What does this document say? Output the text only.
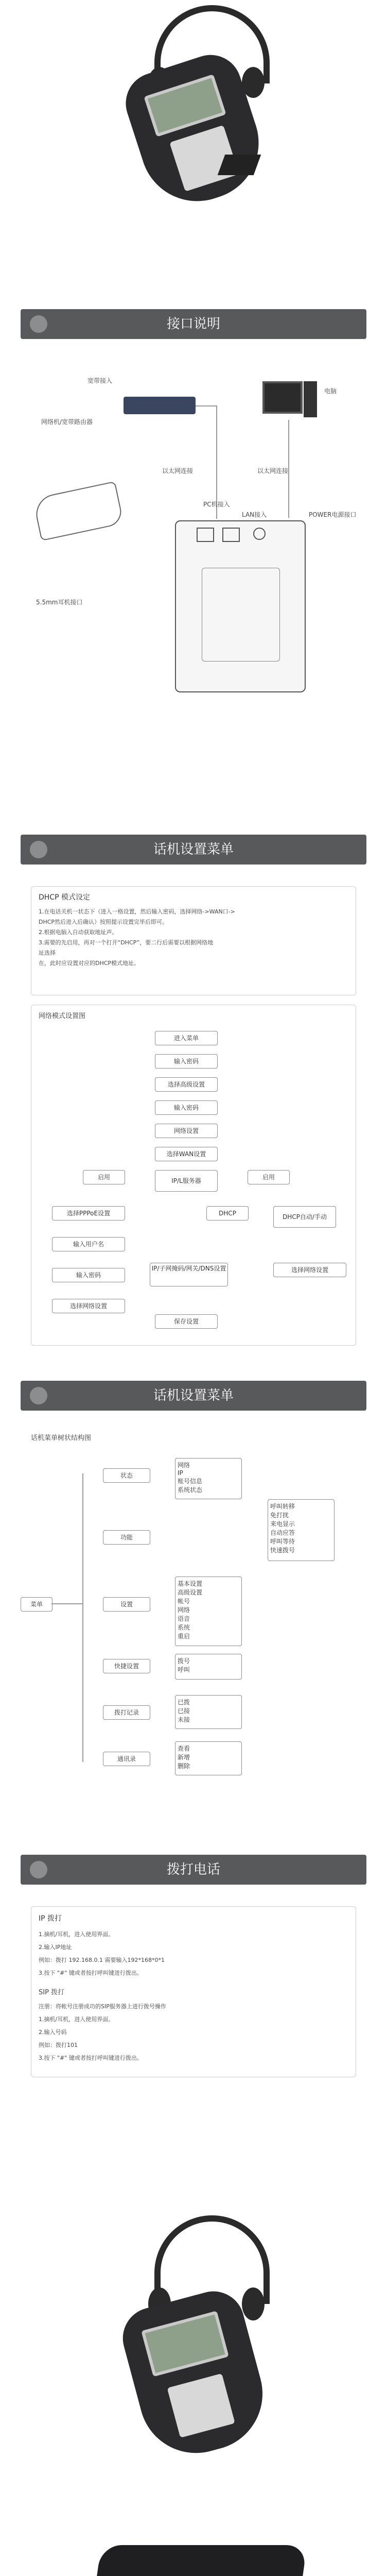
接口说明
宽带接入
网络机/宽带路由器
电脑
以太网连接	以太网连接
PC机接入
LAN接入
5.5mm耳机接口
POWER电源接口
话机设置菜单
DHCP 模式设定
1.在电话关机一状态下（进入一格设置，然后输入密码，选择网络->WAN口->
DHCP然后进入后确认）按照提示设置完毕后即可。
2.根据电脑入自动获取地址声。
3.需要的先启用，再对一个打开“DHCP”，要二行后需要以根据网络地
址选择
在，此时应设置对应的DHCP模式地址。
网络模式设置图
进入菜单
输入密码
选择高级设置
输入密码
网络设置
选择WAN设置
启用	IP/L服务器	启用
选择PPPoE设置	DHCP	DHCP自动/手动
输入用户名
输入密码
IP/子网掩码/网关/DNS设置
选择网络设置
选择网络设置
保存设置
话机设置菜单
话机菜单树状结构图
菜单
状态
功能
设置
快捷设置
拨打记录
通讯录
网络
IP
账号信息
系统状态
呼叫转移
免打扰
来电显示
自动应答
呼叫等待
快速拨号
基本设置
高级设置
帐号
网络
语音
系统
重启
拨号
呼叫
已拨
已接
未接
查看
新增
删除
拨打电话
IP 拨打
1.摘机/耳机，进入使用界面。
2.输入IP地址
例如：拨打 192.168.0.1 需要输入192*168*0*1
3.按下 "#" 键或者按打呼叫键进行拨出。
SIP 拨打
注册：将帐号注册成功的SIP服务器上进行拨号操作
1.摘机/耳机，进入使用界面。
2.输入号码
例如：拨打101
3.按下 "#" 键或者按打呼叫键进行拨出。
